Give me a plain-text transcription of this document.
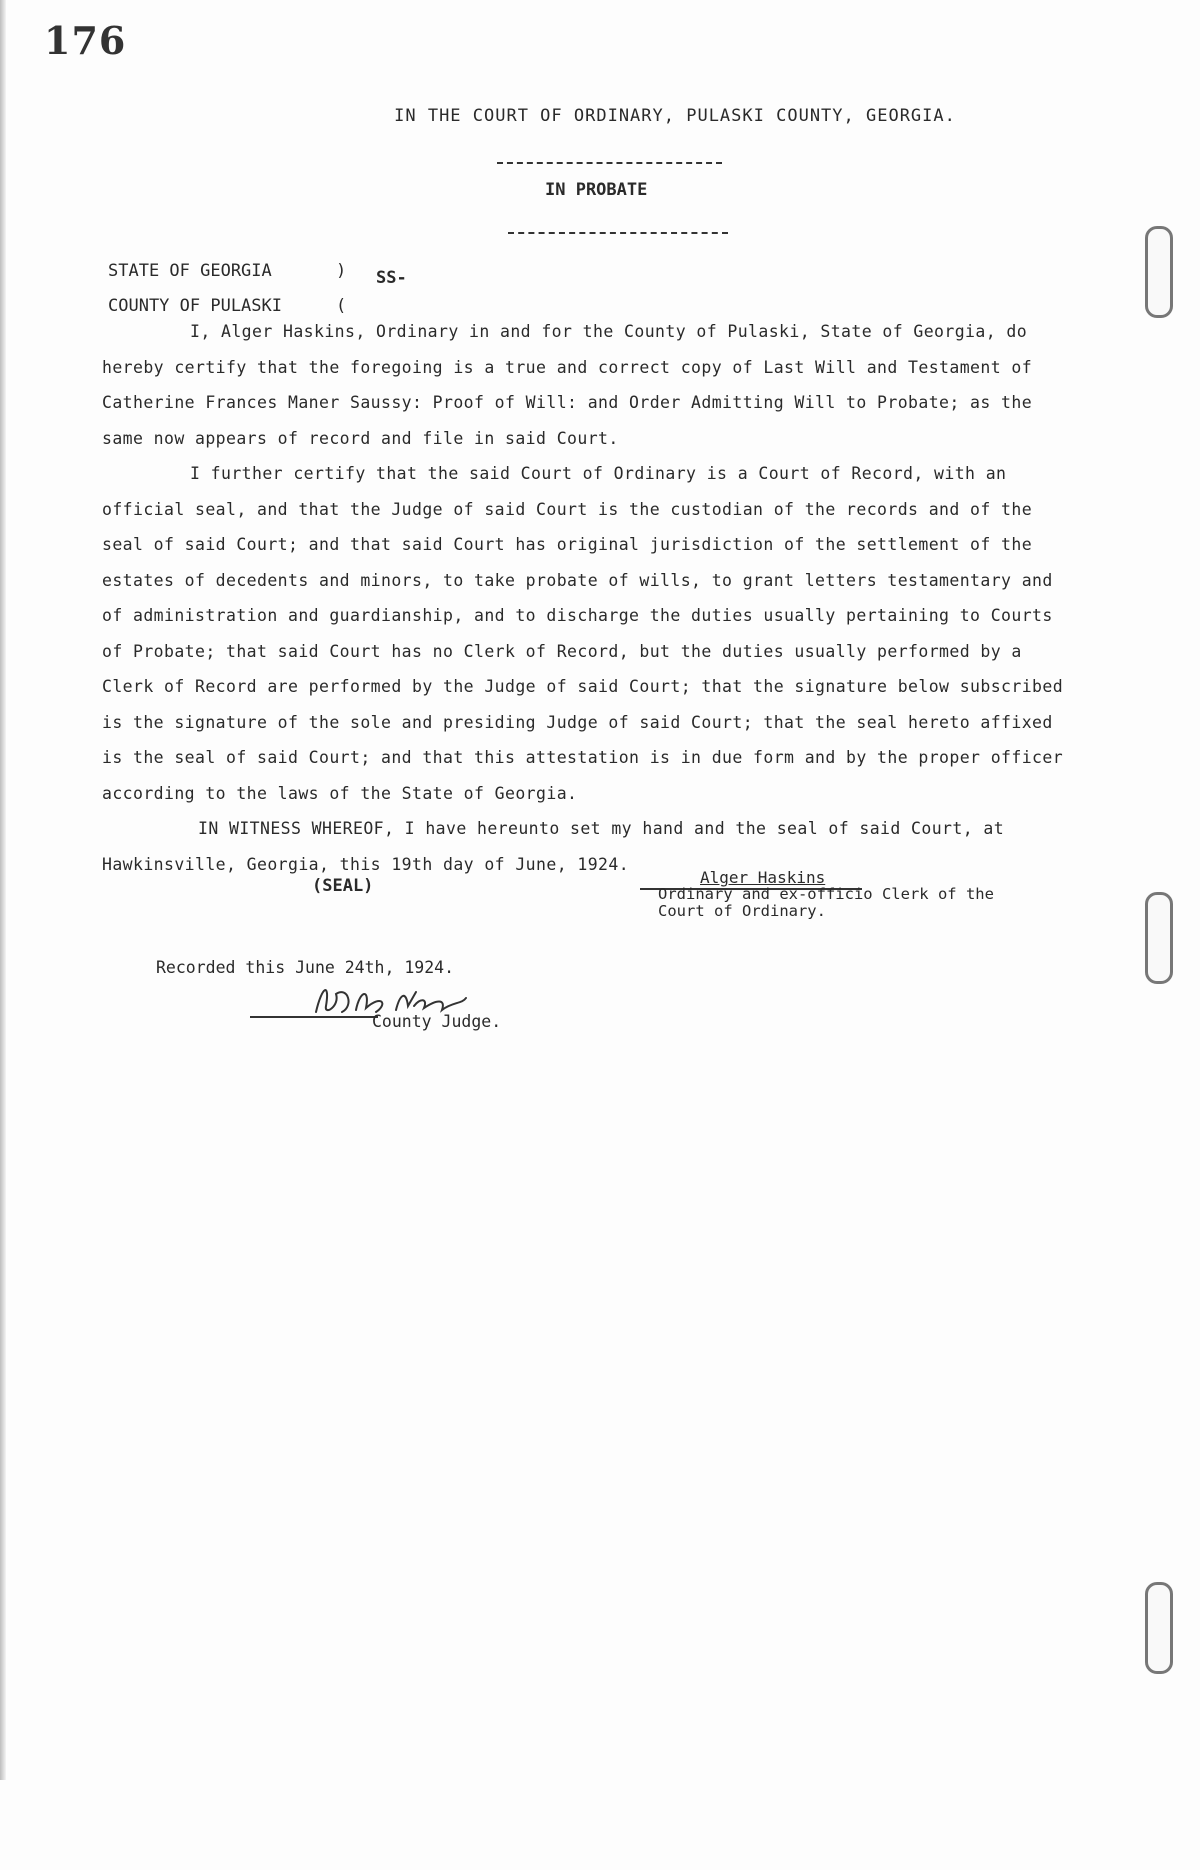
176
IN THE COURT OF ORDINARY, PULASKI COUNTY, GEORGIA.
IN PROBATE
STATE OF GEORGIA	)
COUNTY OF PULASKI	(
SS-

I, Alger Haskins, Ordinary in and for the County of Pulaski, State of Georgia, do hereby certify that the foregoing is a true and correct copy of Last Will and Testament of Catherine Frances Maner Saussy: Proof of Will: and Order Admitting Will to Probate; as the same now appears of record and file in said Court.

I further certify that the said Court of Ordinary is a Court of Record, with an official seal, and that the Judge of said Court is the custodian of the records and of the seal of said Court; and that said Court has original jurisdiction of the settlement of the estates of decedents and minors, to take probate of wills, to grant letters testamentary and of administration and guardianship, and to discharge the duties usually pertaining to Courts of Probate; that said Court has no Clerk of Record, but the duties usually performed by a Clerk of Record are performed by the Judge of said Court; that the signature below subscribed is the signature of the sole and presiding Judge of said Court; that the seal hereto affixed is the seal of said Court; and that this attestation is in due form and by the proper officer according to the laws of the State of Georgia.

IN WITNESS WHEREOF, I have hereunto set my hand and the seal of said Court, at Hawkinsville, Georgia, this 19th day of June, 1924.

(SEAL)	Alger Haskins
Ordinary and ex-officio Clerk of the
Court of Ordinary.
Recorded this June 24th, 1924.
County Judge.
